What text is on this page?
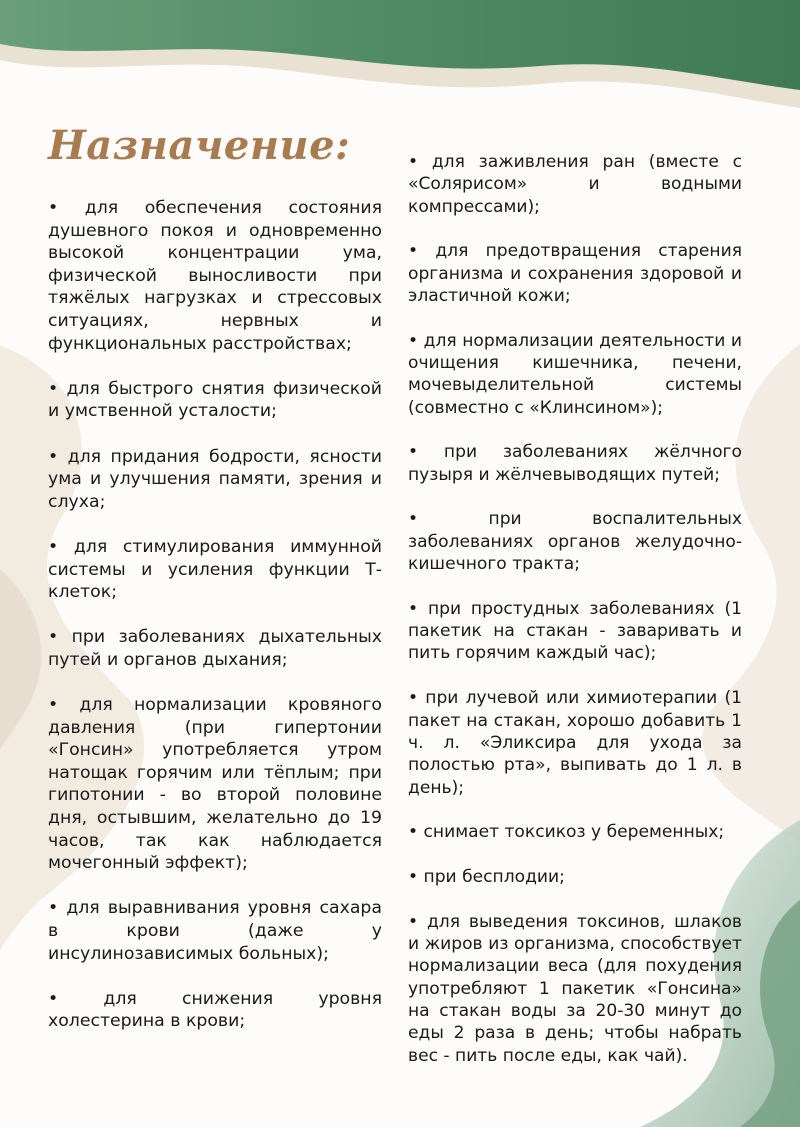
Назначение:

• для обеспечения состояния душевного покоя и одновременно высокой концентрации ума, физической выносливости при тяжёлых нагрузках и стрессовых ситуациях, нервных и функциональных расстройствах;

• для быстрого снятия физической и умственной усталости;

• для придания бодрости, ясности ума и улучшения памяти, зрения и слуха;

• для стимулирования иммунной системы и усиления функции Т-клеток;

• при заболеваниях дыхательных путей и органов дыхания;

• для нормализации кровяного давления (при гипертонии «Гонсин» употребляется утром натощак горячим или тёплым; при гипотонии - во второй половине дня, остывшим, желательно до 19 часов, так как наблюдается мочегонный эффект);

• для выравнивания уровня сахара в крови (даже у инсулинозависимых больных);

• для снижения уровня холестерина в крови;

• для заживления ран (вместе с «Солярисом» и водными компрессами);

• для предотвращения старения организма и сохранения здоровой и эластичной кожи;

• для нормализации деятельности и очищения кишечника, печени, мочевыделительной системы (совместно с «Клинсином»);

• при заболеваниях жёлчного пузыря и жёлчевыводящих путей;

• при воспалительных заболеваниях органов желудочно-кишечного тракта;

• при простудных заболеваниях (1 пакетик на стакан - заваривать и пить горячим каждый час);

• при лучевой или химиотерапии (1 пакет на стакан, хорошо добавить 1 ч. л. «Эликсира для ухода за полостью рта», выпивать до 1 л. в день);

• снимает токсикоз у беременных;

• при бесплодии;

• для выведения токсинов, шлаков и жиров из организма, способствует нормализации веса (для похудения употребляют 1 пакетик «Гонсина» на стакан воды за 20-30 минут до еды 2 раза в день; чтобы набрать вес - пить после еды, как чай).
